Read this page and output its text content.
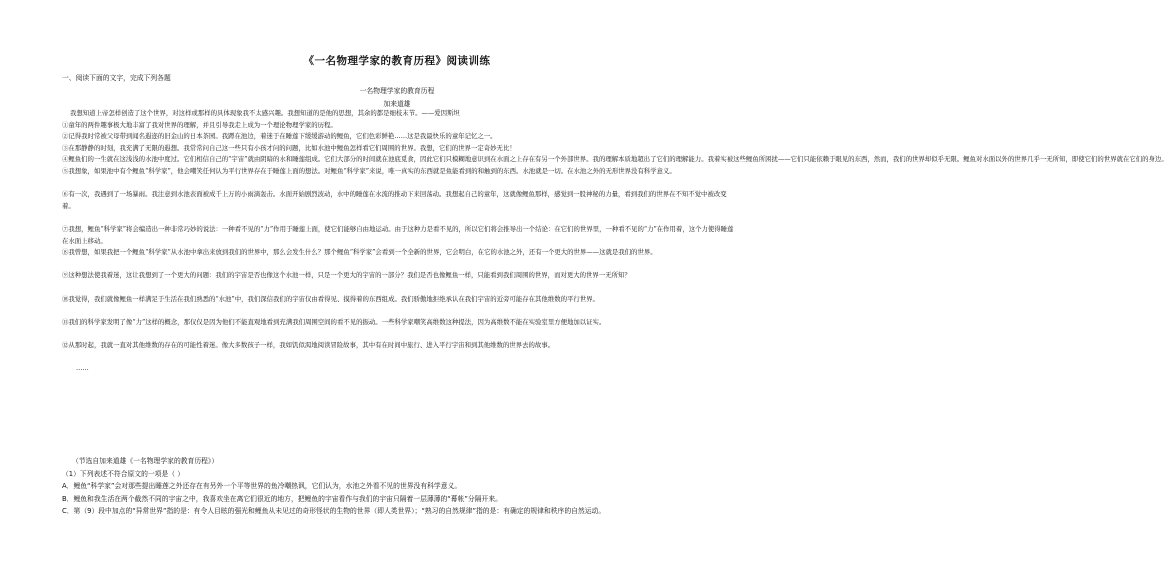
《一名物理学家的教育历程》阅读训练
一、阅读下面的文字，完成下列各题
一名物理学家的教育历程
加来道雄
我想知道上帝怎样创造了这个世界，对这样或那样的具体现象我不太感兴趣。我想知道的是他的思想，其余的都是细枝末节。——爱因斯坦
①童年的两件趣事极大地丰富了我对世界的理解，并且引导我走上成为一个理论物理学家的历程。
②记得我时常被父母带到闻名遐迩的旧金山的日本茶园。我蹲在池边，着迷于在睡莲下缓缓游动的鲤鱼，它们色彩鲜艳……这是我最快乐的童年记忆之一。
③在那静静的时刻，我充满了无限的遐想。我常常问自己这一些只有小孩才问的问题，比如水池中鲤鱼怎样看它们周围的世界。我想，它们的世界一定奇妙无比！
④鲤鱼们的一生就在这浅浅的水池中度过。它们相信自己的“宇宙”就由阴暗的水和睡莲组成。它们大部分的时间就在池底觅食，因此它们只模糊地意识到在水面之上存在有另一个外部世界。我的理解本质地超出了它们的理解能力。我着实被这些鲤鱼所困扰——它们只能依赖于眼见的东西，然而，我们的世界却似乎无限。鲤鱼对水面以外的世界几乎一无所知，即使它们的世界就在它们的身边。
⑤我想象，如果池中有个鲤鱼“科学家”，他会嘲笑任何认为平行世界存在于睡莲上面的想法。对鲤鱼“科学家”来说，唯一真实的东西就是鱼能看到的和触到的东西。水池就是一切。在水池之外的无形世界没有科学意义。
⑥有一次，我遇到了一场暴雨。我注意到水池表面被成千上万的小雨滴轰击。水面开始剧烈波动，水中的睡莲在水流的推动下来回荡动。我想起自己的童年，这就像鲤鱼那样，感觉到一股神秘的力量，看到我们的世界在不知不觉中被改变着。
⑦我想，鲤鱼“科学家”将会编造出一种非常巧妙的说法：一种看不见的“力”作用于睡莲上面，使它们能够自由地运动。由于这种力是看不见的，所以它们将会推导出一个结论：在它们的世界里，一种看不见的“力”在作用着，这个力使得睡莲在水面上移动。
⑧我曾想，如果我把一个鲤鱼“科学家”从水池中拿出来放到我们的世界中，那么会发生什么？那个鲤鱼“科学家”会看到一个全新的世界，它会明白，在它的水池之外，还有一个更大的世界——这就是我们的世界。
⑨这种想法使我着迷，这让我想到了一个更大的问题：我们的宇宙是否也像这个水池一样，只是一个更大的宇宙的一部分？我们是否也像鲤鱼一样，只能看到我们周围的世界，而对更大的世界一无所知？
⑩我觉得，我们就像鲤鱼一样满足于生活在我们熟悉的“水池”中，我们深信我们的宇宙仅由看得见、摸得着的东西组成。我们骄傲地拒绝承认在我们宇宙的近旁可能存在其他维数的平行世界。
⑪我们的科学家发明了像“力”这样的概念，那仅仅是因为他们不能直观地看到充满我们周围空间的看不见的振动。一些科学家嘲笑高维数这种提法，因为高维数不能在实验室里方便地加以证实。
⑫从那时起，我就一直对其他维数的存在的可能性着迷。像大多数孩子一样，我如饥似渴地阅读冒险故事，其中有在时间中旅行、进入平行宇宙和到其他维数的世界去的故事。
……
（节选自加来道雄《一名物理学家的教育历程》）
（1）下列表述不符合原文的一项是（ ）
A．鲤鱼“科学家”会对那些提出睡莲之外还存在有另外一个平等世界的鱼冷嘲热讽，它们认为，水池之外看不见的世界没有科学意义。
B．鲤鱼和我生活在两个截然不同的宇宙之中，我喜欢坐在离它们很近的地方，把鲤鱼的宇宙看作与我们的宇宙只隔着一层薄薄的“幕帐”分隔开来。
C．第（9）段中加点的“异常世界”指的是：有令人目眩的强光和鲤鱼从未见过的奇形怪状的生物的世界（即人类世界）；“熟习的自然规律”指的是：有确定的规律和秩序的自然运动。
